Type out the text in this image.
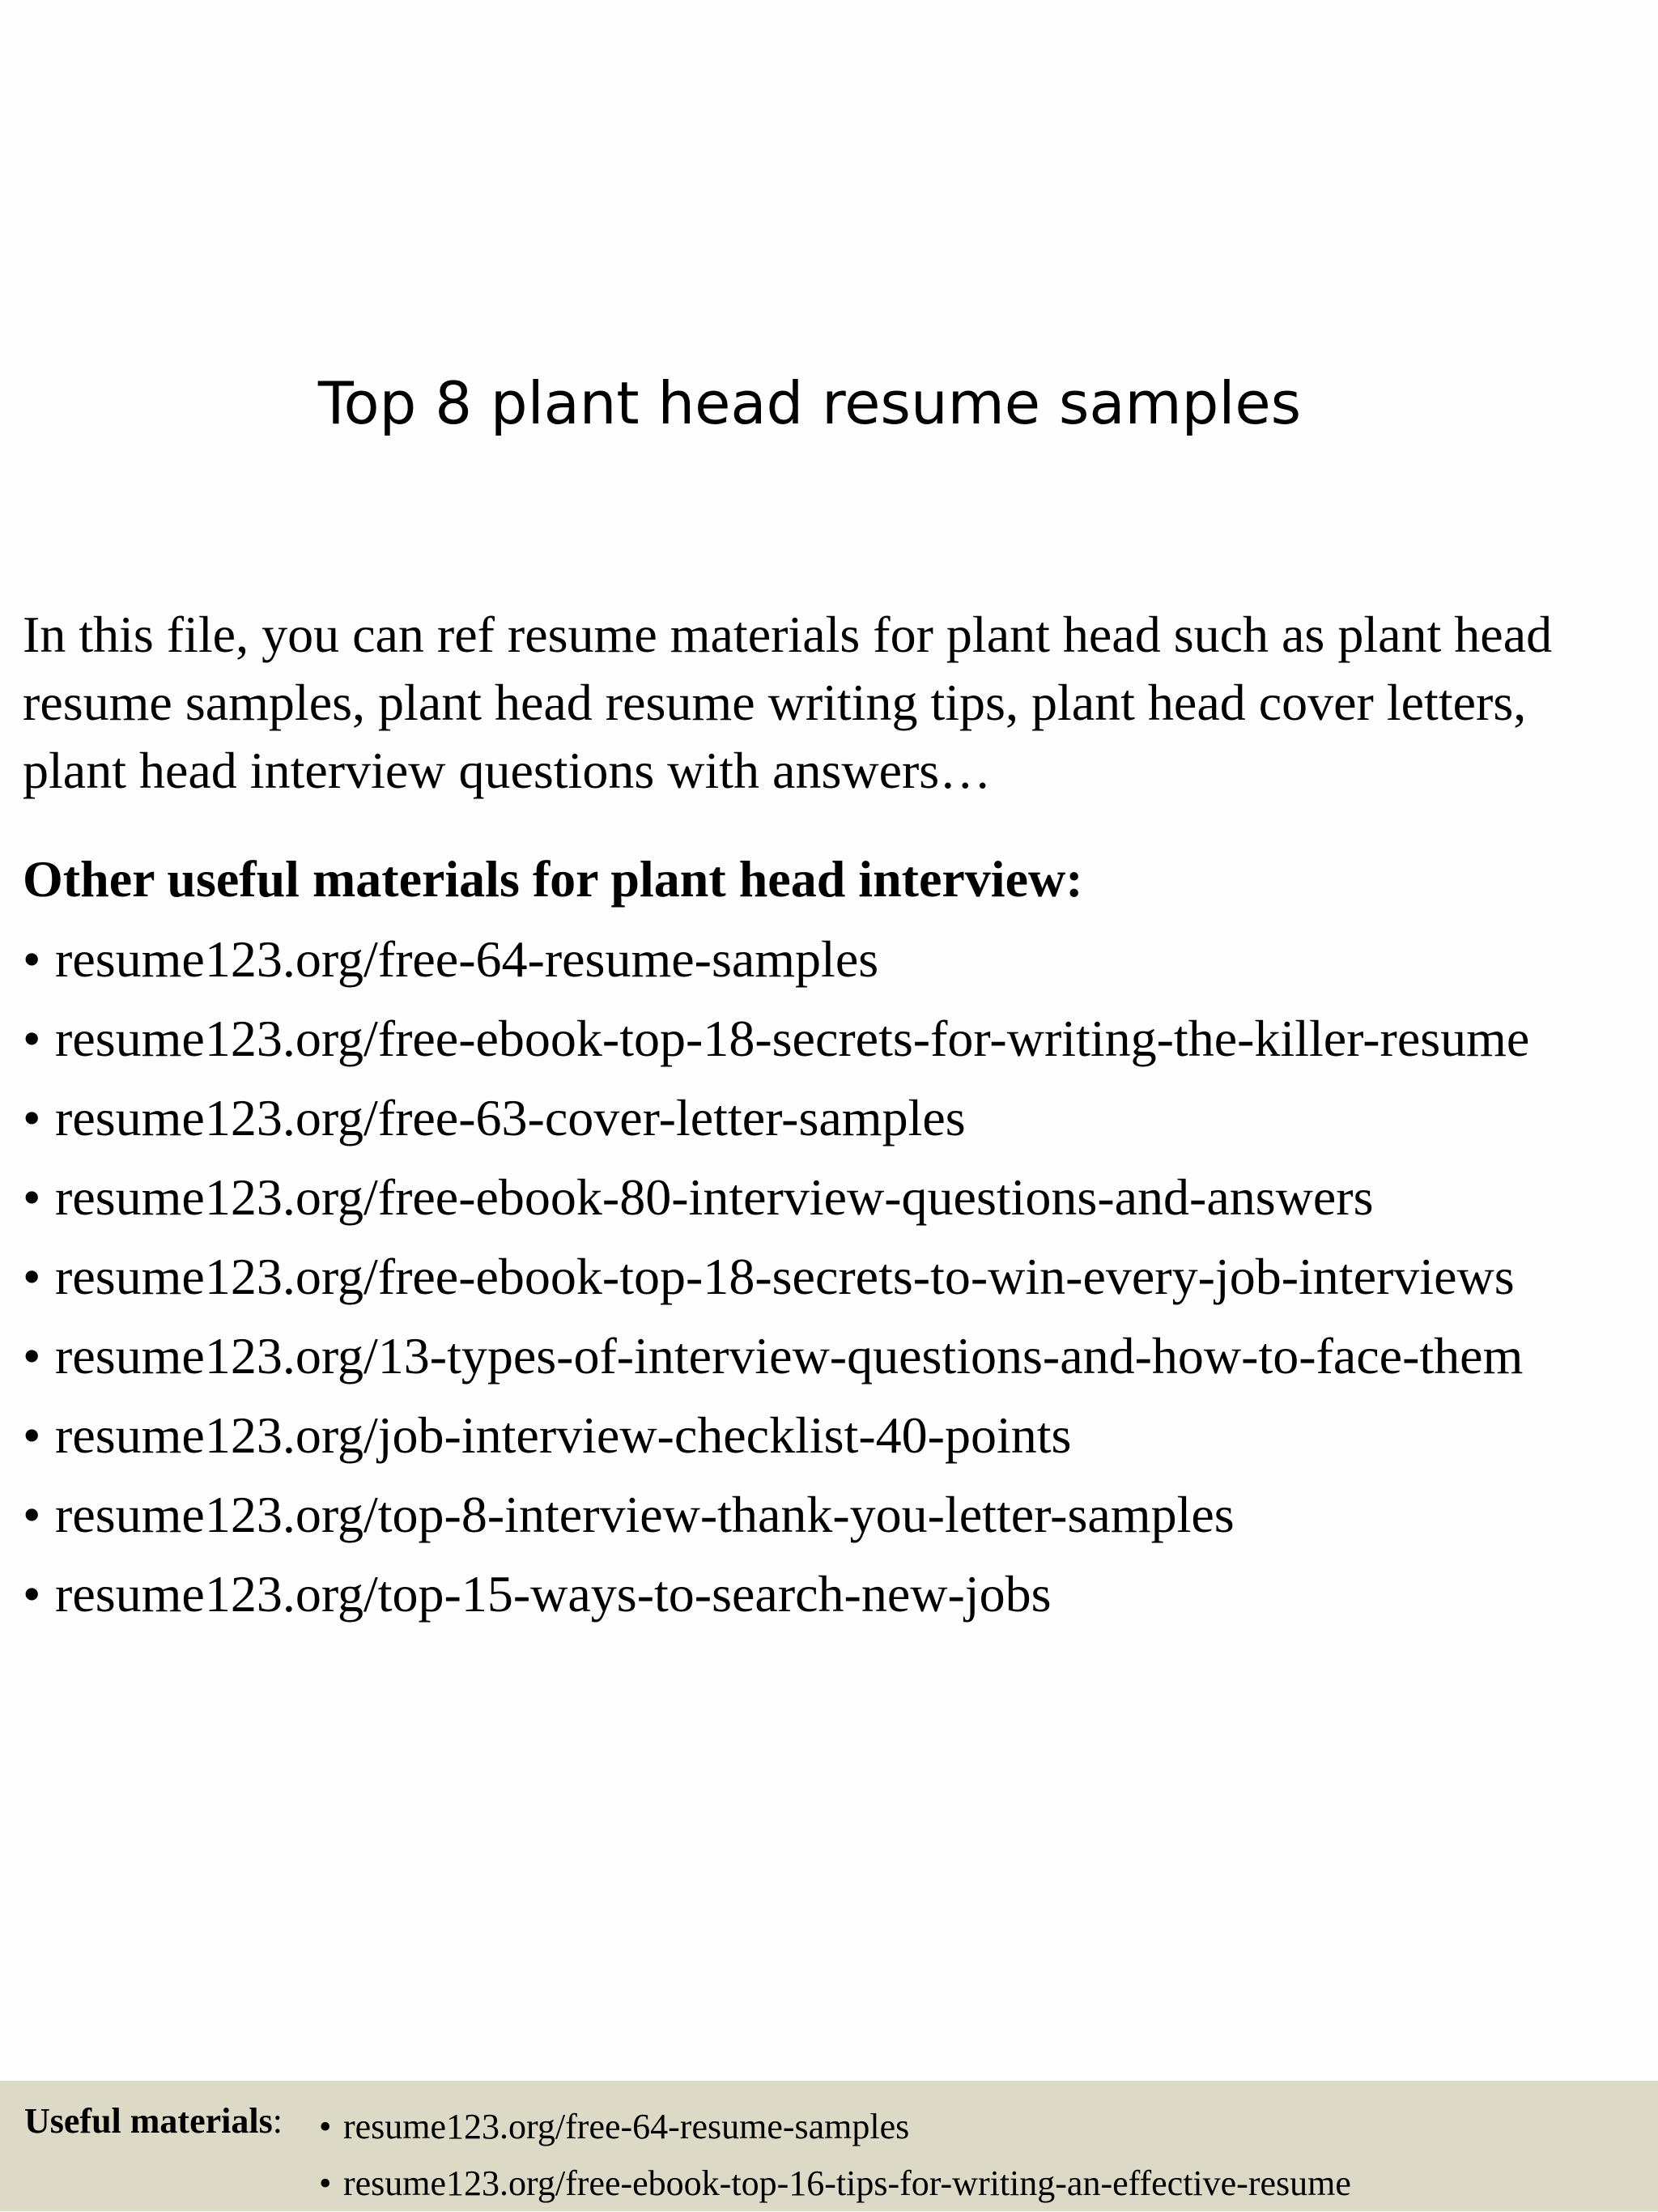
Top 8 plant head resume samples

In this file, you can ref resume materials for plant head such as plant head resume samples, plant head resume writing tips, plant head cover letters, plant head interview questions with answers…

Other useful materials for plant head interview:

• resume123.org/free-64-resume-samples
• resume123.org/free-ebook-top-18-secrets-for-writing-the-killer-resume
• resume123.org/free-63-cover-letter-samples
• resume123.org/free-ebook-80-interview-questions-and-answers
• resume123.org/free-ebook-top-18-secrets-to-win-every-job-interviews
• resume123.org/13-types-of-interview-questions-and-how-to-face-them
• resume123.org/job-interview-checklist-40-points
• resume123.org/top-8-interview-thank-you-letter-samples
• resume123.org/top-15-ways-to-search-new-jobs
Useful materials: • resume123.org/free-64-resume-samples
• resume123.org/free-ebook-top-16-tips-for-writing-an-effective-resume
